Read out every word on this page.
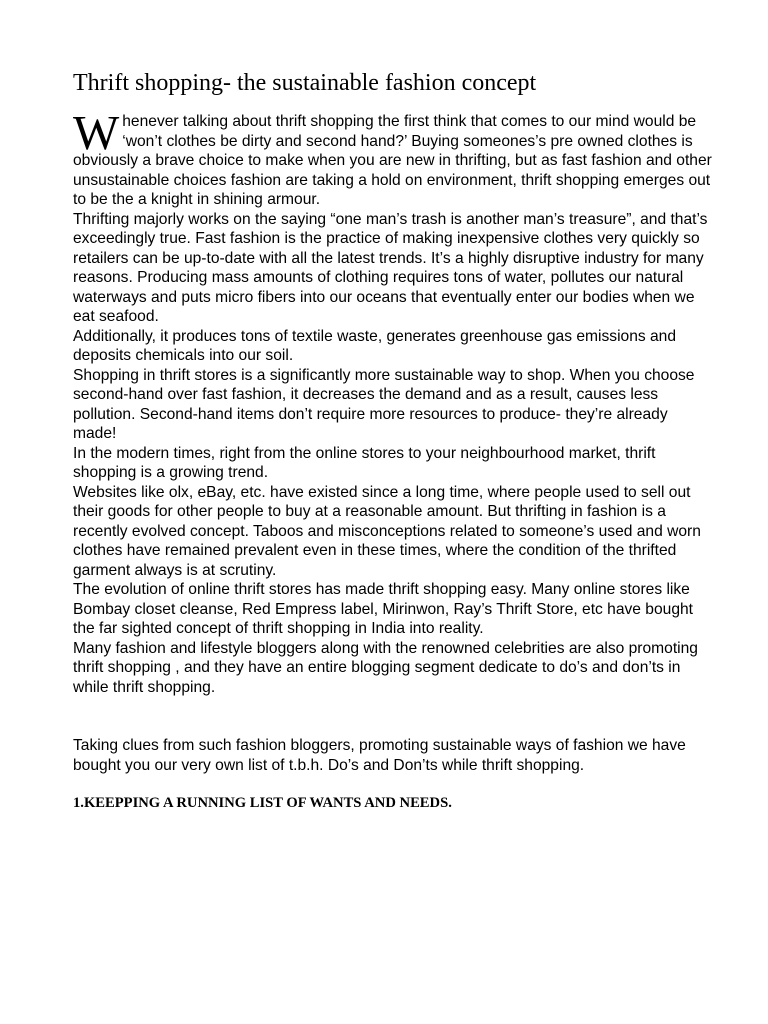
Thrift shopping- the sustainable fashion concept

Whenever talking about thrift shopping the first think that comes to our mind would be ‘won’t clothes be dirty and second hand?’ Buying someones’s pre owned clothes is obviously a brave choice to make when you are new in thrifting, but as fast fashion and other unsustainable choices fashion are taking a hold on environment, thrift shopping emerges out to be the a knight in shining armour.

Thrifting majorly works on the saying “one man’s trash is another man’s treasure”, and that’s exceedingly true. Fast fashion is the practice of making inexpensive clothes very quickly so retailers can be up-to-date with all the latest trends. It’s a highly disruptive industry for many reasons. Producing mass amounts of clothing requires tons of water, pollutes our natural waterways and puts micro fibers into our oceans that eventually enter our bodies when we eat seafood.

Additionally, it produces tons of textile waste, generates greenhouse gas emissions and deposits chemicals into our soil.

Shopping in thrift stores is a significantly more sustainable way to shop. When you choose second-hand over fast fashion, it decreases the demand and as a result, causes less pollution. Second-hand items don’t require more resources to produce- they’re already made!

In the modern times, right from the online stores to your neighbourhood market, thrift shopping is a growing trend.

Websites like olx, eBay, etc. have existed since a long time, where people used to sell out their goods for other people to buy at a reasonable amount. But thrifting in fashion is a recently evolved concept. Taboos and misconceptions related to someone’s used and worn clothes have remained prevalent even in these times, where the condition of the thrifted garment always is at scrutiny.

The evolution of online thrift stores has made thrift shopping easy. Many online stores like Bombay closet cleanse, Red Empress label, Mirinwon, Ray’s Thrift Store, etc have bought the far sighted concept of thrift shopping in India into reality.

Many fashion and lifestyle bloggers along with the renowned celebrities are also promoting thrift shopping , and they have an entire blogging segment dedicate to do’s and don’ts in while thrift shopping.

Taking clues from such fashion bloggers, promoting sustainable ways of fashion we have bought you our very own list of t.b.h. Do’s and Don’ts while thrift shopping.

1.KEEPPING A RUNNING LIST OF WANTS AND NEEDS.
